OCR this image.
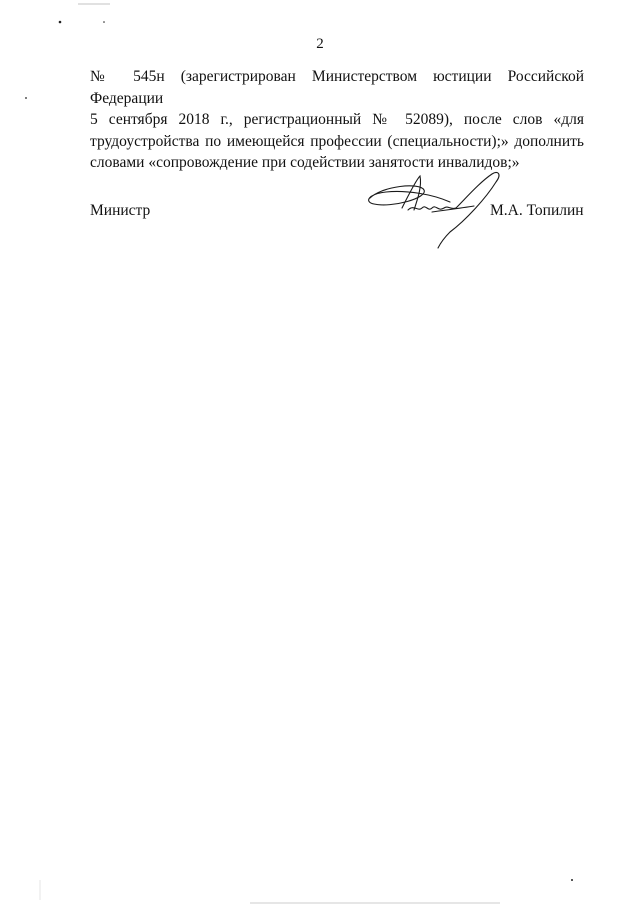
2
№ 545н (зарегистрирован Министерством юстиции Российской Федерации
5 сентября 2018 г., регистрационный № 52089), после слов «для
трудоустройства по имеющейся профессии (специальности);» дополнить
словами «сопровождение при содействии занятости инвалидов;»
Министр	М.А. Топилин
